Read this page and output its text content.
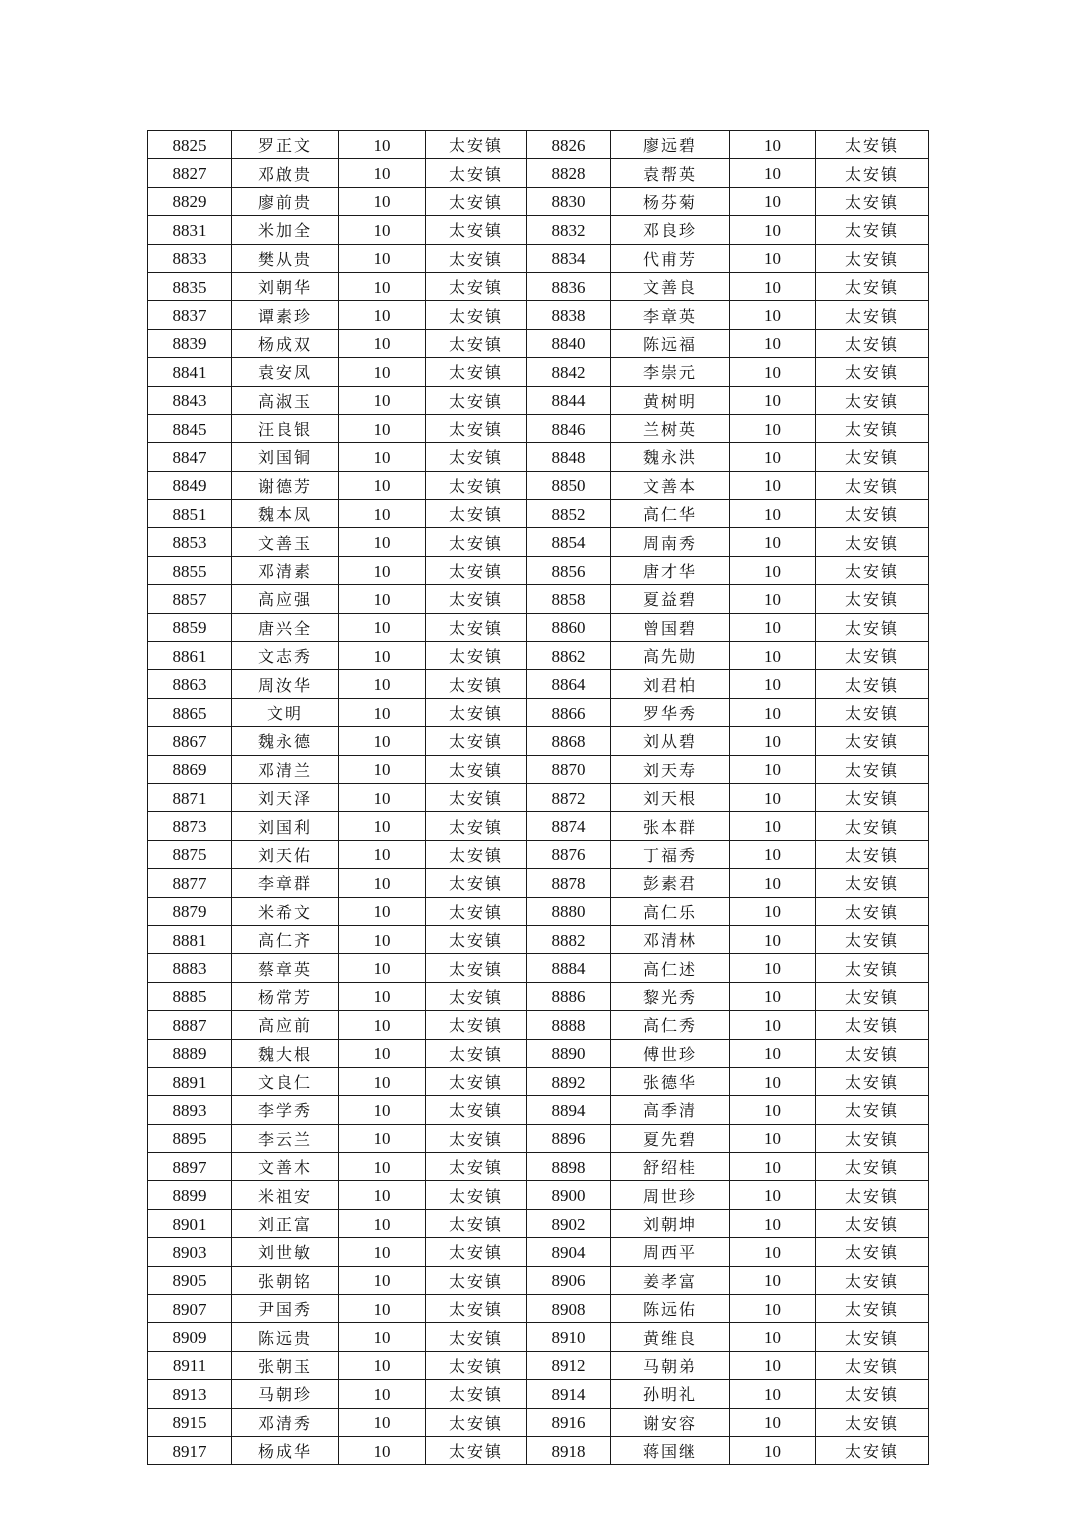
8825	罗正文	10	太安镇	8826	廖远碧	10	太安镇
8827	邓啟贵	10	太安镇	8828	袁帮英	10	太安镇
8829	廖前贵	10	太安镇	8830	杨芬菊	10	太安镇
8831	米加全	10	太安镇	8832	邓良珍	10	太安镇
8833	樊从贵	10	太安镇	8834	代甫芳	10	太安镇
8835	刘朝华	10	太安镇	8836	文善良	10	太安镇
8837	谭素珍	10	太安镇	8838	李章英	10	太安镇
8839	杨成双	10	太安镇	8840	陈远福	10	太安镇
8841	袁安凤	10	太安镇	8842	李崇元	10	太安镇
8843	高淑玉	10	太安镇	8844	黄树明	10	太安镇
8845	汪良银	10	太安镇	8846	兰树英	10	太安镇
8847	刘国铜	10	太安镇	8848	魏永洪	10	太安镇
8849	谢德芳	10	太安镇	8850	文善本	10	太安镇
8851	魏本凤	10	太安镇	8852	高仁华	10	太安镇
8853	文善玉	10	太安镇	8854	周南秀	10	太安镇
8855	邓清素	10	太安镇	8856	唐才华	10	太安镇
8857	高应强	10	太安镇	8858	夏益碧	10	太安镇
8859	唐兴全	10	太安镇	8860	曾国碧	10	太安镇
8861	文志秀	10	太安镇	8862	高先勋	10	太安镇
8863	周汝华	10	太安镇	8864	刘君柏	10	太安镇
8865	文明	10	太安镇	8866	罗华秀	10	太安镇
8867	魏永德	10	太安镇	8868	刘从碧	10	太安镇
8869	邓清兰	10	太安镇	8870	刘天寿	10	太安镇
8871	刘天泽	10	太安镇	8872	刘天根	10	太安镇
8873	刘国利	10	太安镇	8874	张本群	10	太安镇
8875	刘天佑	10	太安镇	8876	丁福秀	10	太安镇
8877	李章群	10	太安镇	8878	彭素君	10	太安镇
8879	米希文	10	太安镇	8880	高仁乐	10	太安镇
8881	高仁齐	10	太安镇	8882	邓清林	10	太安镇
8883	蔡章英	10	太安镇	8884	高仁述	10	太安镇
8885	杨常芳	10	太安镇	8886	黎光秀	10	太安镇
8887	高应前	10	太安镇	8888	高仁秀	10	太安镇
8889	魏大根	10	太安镇	8890	傅世珍	10	太安镇
8891	文良仁	10	太安镇	8892	张德华	10	太安镇
8893	李学秀	10	太安镇	8894	高季清	10	太安镇
8895	李云兰	10	太安镇	8896	夏先碧	10	太安镇
8897	文善木	10	太安镇	8898	舒绍桂	10	太安镇
8899	米祖安	10	太安镇	8900	周世珍	10	太安镇
8901	刘正富	10	太安镇	8902	刘朝坤	10	太安镇
8903	刘世敏	10	太安镇	8904	周西平	10	太安镇
8905	张朝铭	10	太安镇	8906	姜孝富	10	太安镇
8907	尹国秀	10	太安镇	8908	陈远佑	10	太安镇
8909	陈远贵	10	太安镇	8910	黄维良	10	太安镇
8911	张朝玉	10	太安镇	8912	马朝弟	10	太安镇
8913	马朝珍	10	太安镇	8914	孙明礼	10	太安镇
8915	邓清秀	10	太安镇	8916	谢安容	10	太安镇
8917	杨成华	10	太安镇	8918	蒋国继	10	太安镇
